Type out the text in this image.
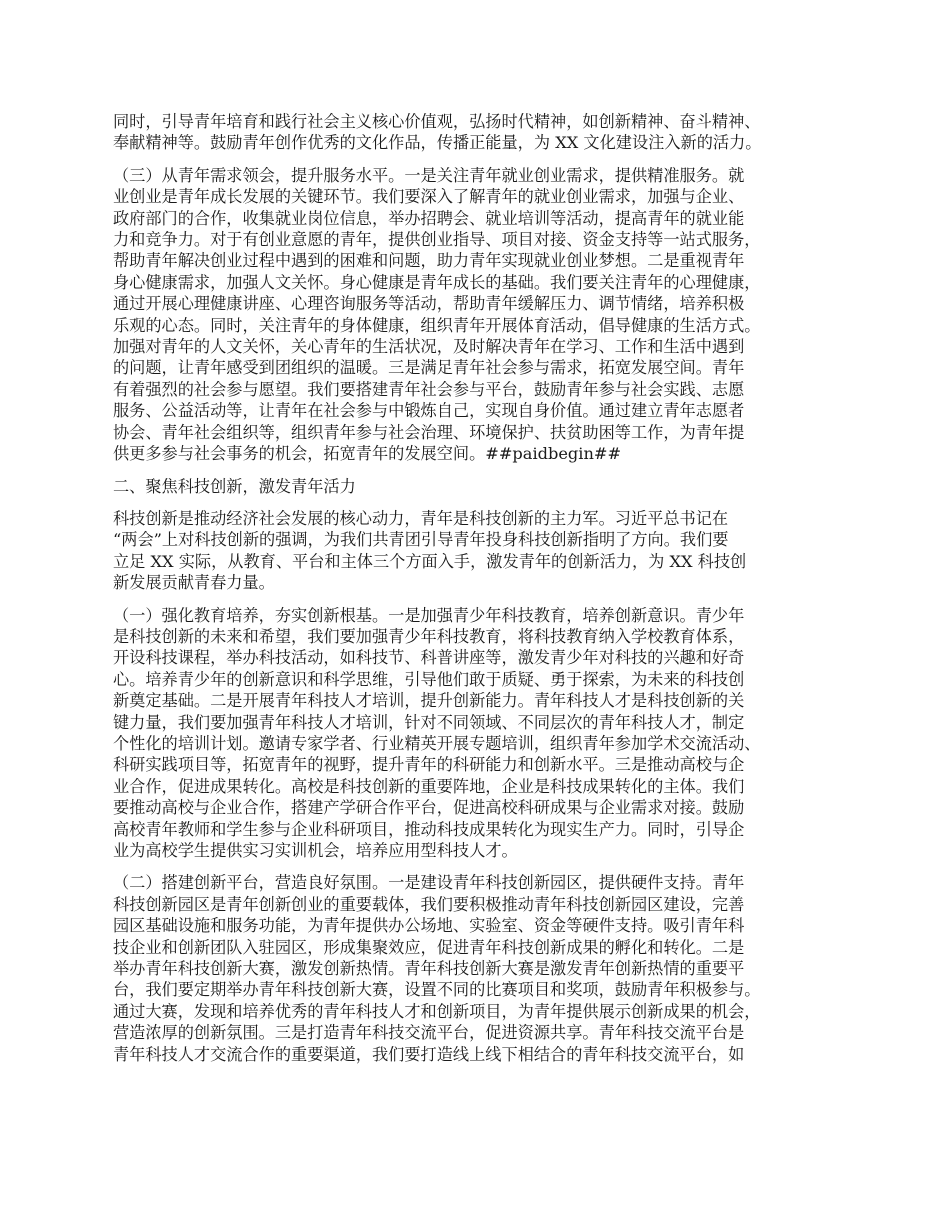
同时，引导青年培育和践行社会主义核心价值观，弘扬时代精神，如创新精神、奋斗精神、
奉献精神等。鼓励青年创作优秀的文化作品，传播正能量，为 XX 文化建设注入新的活力。

（三）从青年需求领会，提升服务水平。一是关注青年就业创业需求，提供精准服务。就
业创业是青年成长发展的关键环节。我们要深入了解青年的就业创业需求，加强与企业、
政府部门的合作，收集就业岗位信息，举办招聘会、就业培训等活动，提高青年的就业能
力和竞争力。对于有创业意愿的青年，提供创业指导、项目对接、资金支持等一站式服务，
帮助青年解决创业过程中遇到的困难和问题，助力青年实现就业创业梦想。二是重视青年
身心健康需求，加强人文关怀。身心健康是青年成长的基础。我们要关注青年的心理健康，
通过开展心理健康讲座、心理咨询服务等活动，帮助青年缓解压力、调节情绪，培养积极
乐观的心态。同时，关注青年的身体健康，组织青年开展体育活动，倡导健康的生活方式。
加强对青年的人文关怀，关心青年的生活状况，及时解决青年在学习、工作和生活中遇到
的问题，让青年感受到团组织的温暖。三是满足青年社会参与需求，拓宽发展空间。青年
有着强烈的社会参与愿望。我们要搭建青年社会参与平台，鼓励青年参与社会实践、志愿
服务、公益活动等，让青年在社会参与中锻炼自己，实现自身价值。通过建立青年志愿者
协会、青年社会组织等，组织青年参与社会治理、环境保护、扶贫助困等工作，为青年提
供更多参与社会事务的机会，拓宽青年的发展空间。##paidbegin##

二、聚焦科技创新，激发青年活力

科技创新是推动经济社会发展的核心动力，青年是科技创新的主力军。习近平总书记在
“两会”上对科技创新的强调，为我们共青团引导青年投身科技创新指明了方向。我们要
立足 XX 实际，从教育、平台和主体三个方面入手，激发青年的创新活力，为 XX 科技创
新发展贡献青春力量。

（一）强化教育培养，夯实创新根基。一是加强青少年科技教育，培养创新意识。青少年
是科技创新的未来和希望，我们要加强青少年科技教育，将科技教育纳入学校教育体系，
开设科技课程，举办科技活动，如科技节、科普讲座等，激发青少年对科技的兴趣和好奇
心。培养青少年的创新意识和科学思维，引导他们敢于质疑、勇于探索，为未来的科技创
新奠定基础。二是开展青年科技人才培训，提升创新能力。青年科技人才是科技创新的关
键力量，我们要加强青年科技人才培训，针对不同领域、不同层次的青年科技人才，制定
个性化的培训计划。邀请专家学者、行业精英开展专题培训，组织青年参加学术交流活动、
科研实践项目等，拓宽青年的视野，提升青年的科研能力和创新水平。三是推动高校与企
业合作，促进成果转化。高校是科技创新的重要阵地，企业是科技成果转化的主体。我们
要推动高校与企业合作，搭建产学研合作平台，促进高校科研成果与企业需求对接。鼓励
高校青年教师和学生参与企业科研项目，推动科技成果转化为现实生产力。同时，引导企
业为高校学生提供实习实训机会，培养应用型科技人才。

（二）搭建创新平台，营造良好氛围。一是建设青年科技创新园区，提供硬件支持。青年
科技创新园区是青年创新创业的重要载体，我们要积极推动青年科技创新园区建设，完善
园区基础设施和服务功能，为青年提供办公场地、实验室、资金等硬件支持。吸引青年科
技企业和创新团队入驻园区，形成集聚效应，促进青年科技创新成果的孵化和转化。二是
举办青年科技创新大赛，激发创新热情。青年科技创新大赛是激发青年创新热情的重要平
台，我们要定期举办青年科技创新大赛，设置不同的比赛项目和奖项，鼓励青年积极参与。
通过大赛，发现和培养优秀的青年科技人才和创新项目，为青年提供展示创新成果的机会，
营造浓厚的创新氛围。三是打造青年科技交流平台，促进资源共享。青年科技交流平台是
青年科技人才交流合作的重要渠道，我们要打造线上线下相结合的青年科技交流平台，如
